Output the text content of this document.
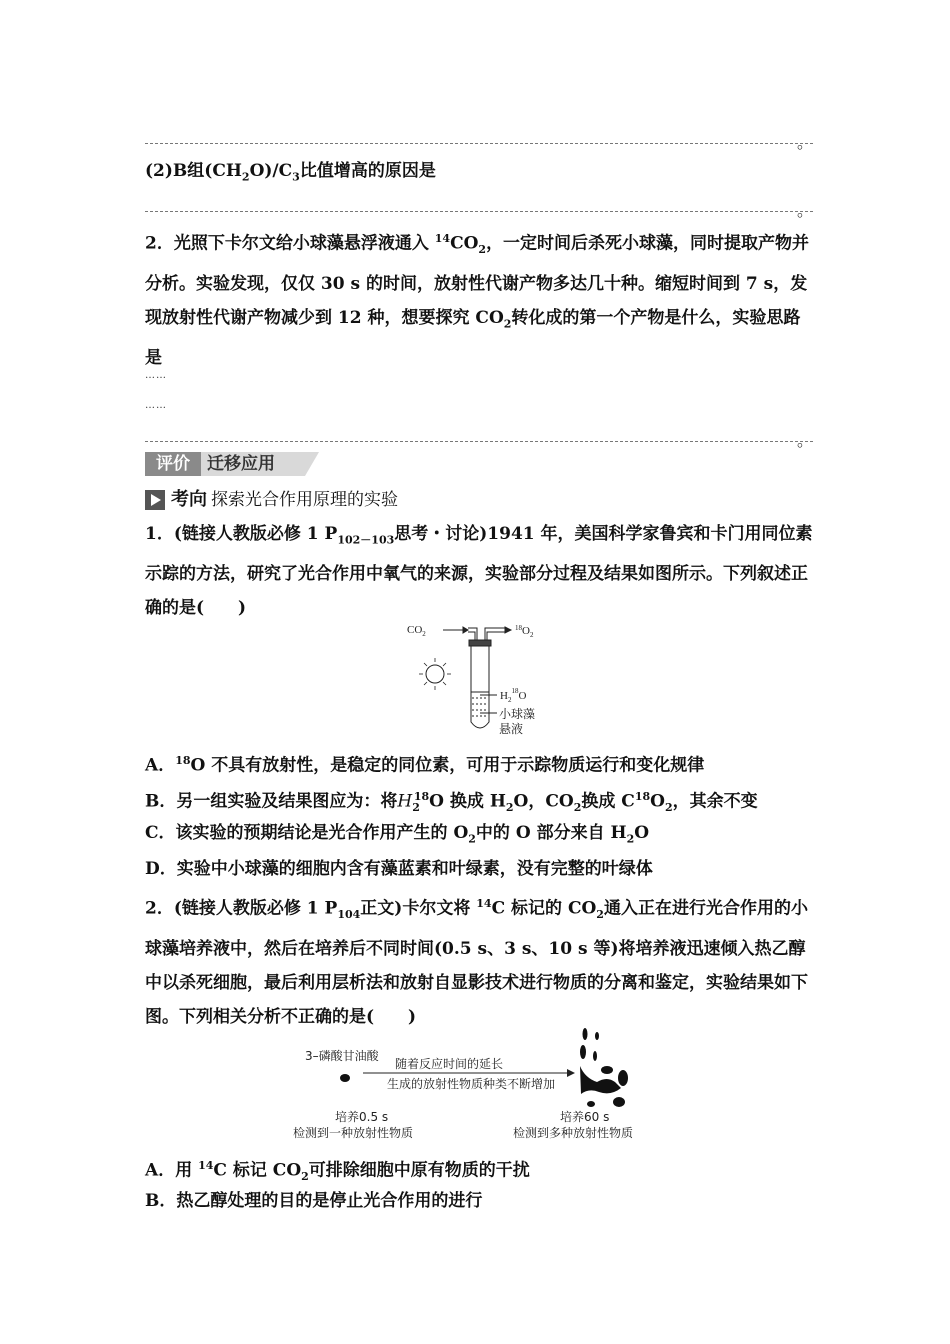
。
(2)B组$(CH_2O)/C_3$比值增高的原因是
。
2．光照下卡尔文给小球藻悬浮液通入 $^{14}CO_2$，一定时间后杀死小球藻，同时提取产物并分析。实验发现，仅仅 30 s 的时间，放射性代谢产物多达几十种。缩短时间到 7 s，发现放射性代谢产物减少到 12 种，想要探究 $CO_2$转化成的第一个产物是什么，实验思路是
……
……
。
评价	迁移应用
考向 探索光合作用原理的实验
1．(链接人教版必修 1 $P_{102-103}$思考・讨论)1941 年，美国科学家鲁宾和卡门用同位素示踪的方法，研究了光合作用中氧气的来源，实验部分过程及结果如图所示。下列叙述正确的是(　　)
$CO_2$
$^{18}O_2$
$H_2^{18}O$
小球藻
悬液
A．$^{18}$O 不具有放射性，是稳定的同位素，可用于示踪物质运行和变化规律
B．另一组实验及结果图应为：将$H_2^{18}O$ 换成 $H_2O$，$CO_2$换成 $C^{18}O_2$，其余不变
C．该实验的预期结论是光合作用产生的 $O_2$中的 O 部分来自 $H_2O$
D．实验中小球藻的细胞内含有藻蓝素和叶绿素，没有完整的叶绿体
2．(链接人教版必修 1 $P_{104}$正文)卡尔文将 $^{14}$C 标记的 $CO_2$通入正在进行光合作用的小球藻培养液中，然后在培养后不同时间(0.5 s、3 s、10 s 等)将培养液迅速倾入热乙醇中以杀死细胞，最后利用层析法和放射自显影技术进行物质的分离和鉴定，实验结果如下图。下列相关分析不正确的是(　　)
3–磷酸甘油酸
随着反应时间的延长
生成的放射性物质种类不断增加
培养0.5 s
检测到一种放射性物质
培养60 s
检测到多种放射性物质
A．用 $^{14}$C 标记 $CO_2$可排除细胞中原有物质的干扰
B．热乙醇处理的目的是停止光合作用的进行
